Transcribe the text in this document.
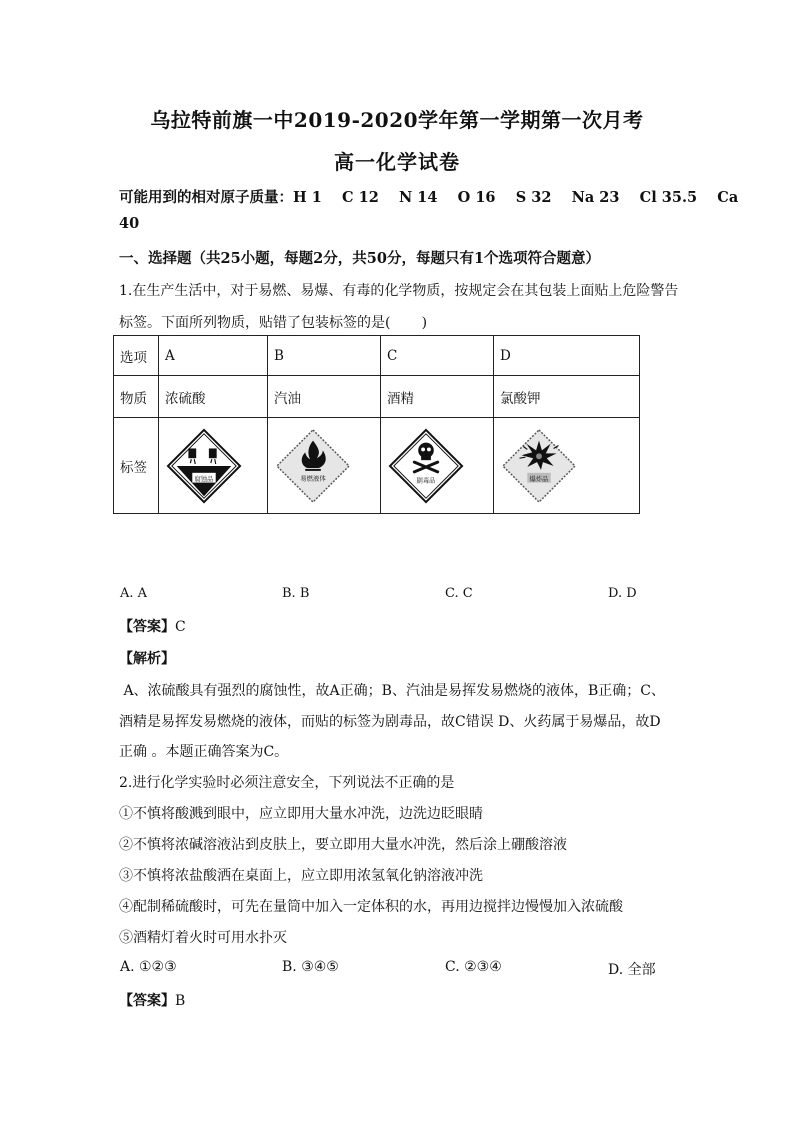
乌拉特前旗一中2019-2020学年第一学期第一次月考
高一化学试卷
可能用到的相对原子质量：H 1    C 12    N 14    O 16    S 32    Na 23    Cl 35.5    Ca
40
一、选择题（共25小题，每题2分，共50分，每题只有1个选项符合题意）
1.在生产生活中，对于易燃、易爆、有毒的化学物质，按规定会在其包装上面贴上危险警告
标签。下面所列物质，贴错了包装标签的是(       )
选项	A	B	C	D
物质	浓硫酸	汽油	酒精	氯酸钾
标签	腐蚀品	易燃液体	剧毒品	爆炸品
A. A	B. B	C. C	D. D
【答案】C
【解析】
A、浓硫酸具有强烈的腐蚀性，故A正确；B、汽油是易挥发易燃烧的液体，B正确；C、
酒精是易挥发易燃烧的液体，而贴的标签为剧毒品，故C错误 D、火药属于易爆品，故D
正确 。本题正确答案为C。
2.进行化学实验时必须注意安全，下列说法不正确的是
①不慎将酸溅到眼中，应立即用大量水冲洗，边洗边眨眼睛
②不慎将浓碱溶液沾到皮肤上，要立即用大量水冲洗，然后涂上硼酸溶液
③不慎将浓盐酸洒在桌面上，应立即用浓氢氧化钠溶液冲洗
④配制稀硫酸时，可先在量筒中加入一定体积的水，再用边搅拌边慢慢加入浓硫酸
⑤酒精灯着火时可用水扑灭
A. ①②③	B. ③④⑤	C. ②③④	D. 全部
【答案】B
